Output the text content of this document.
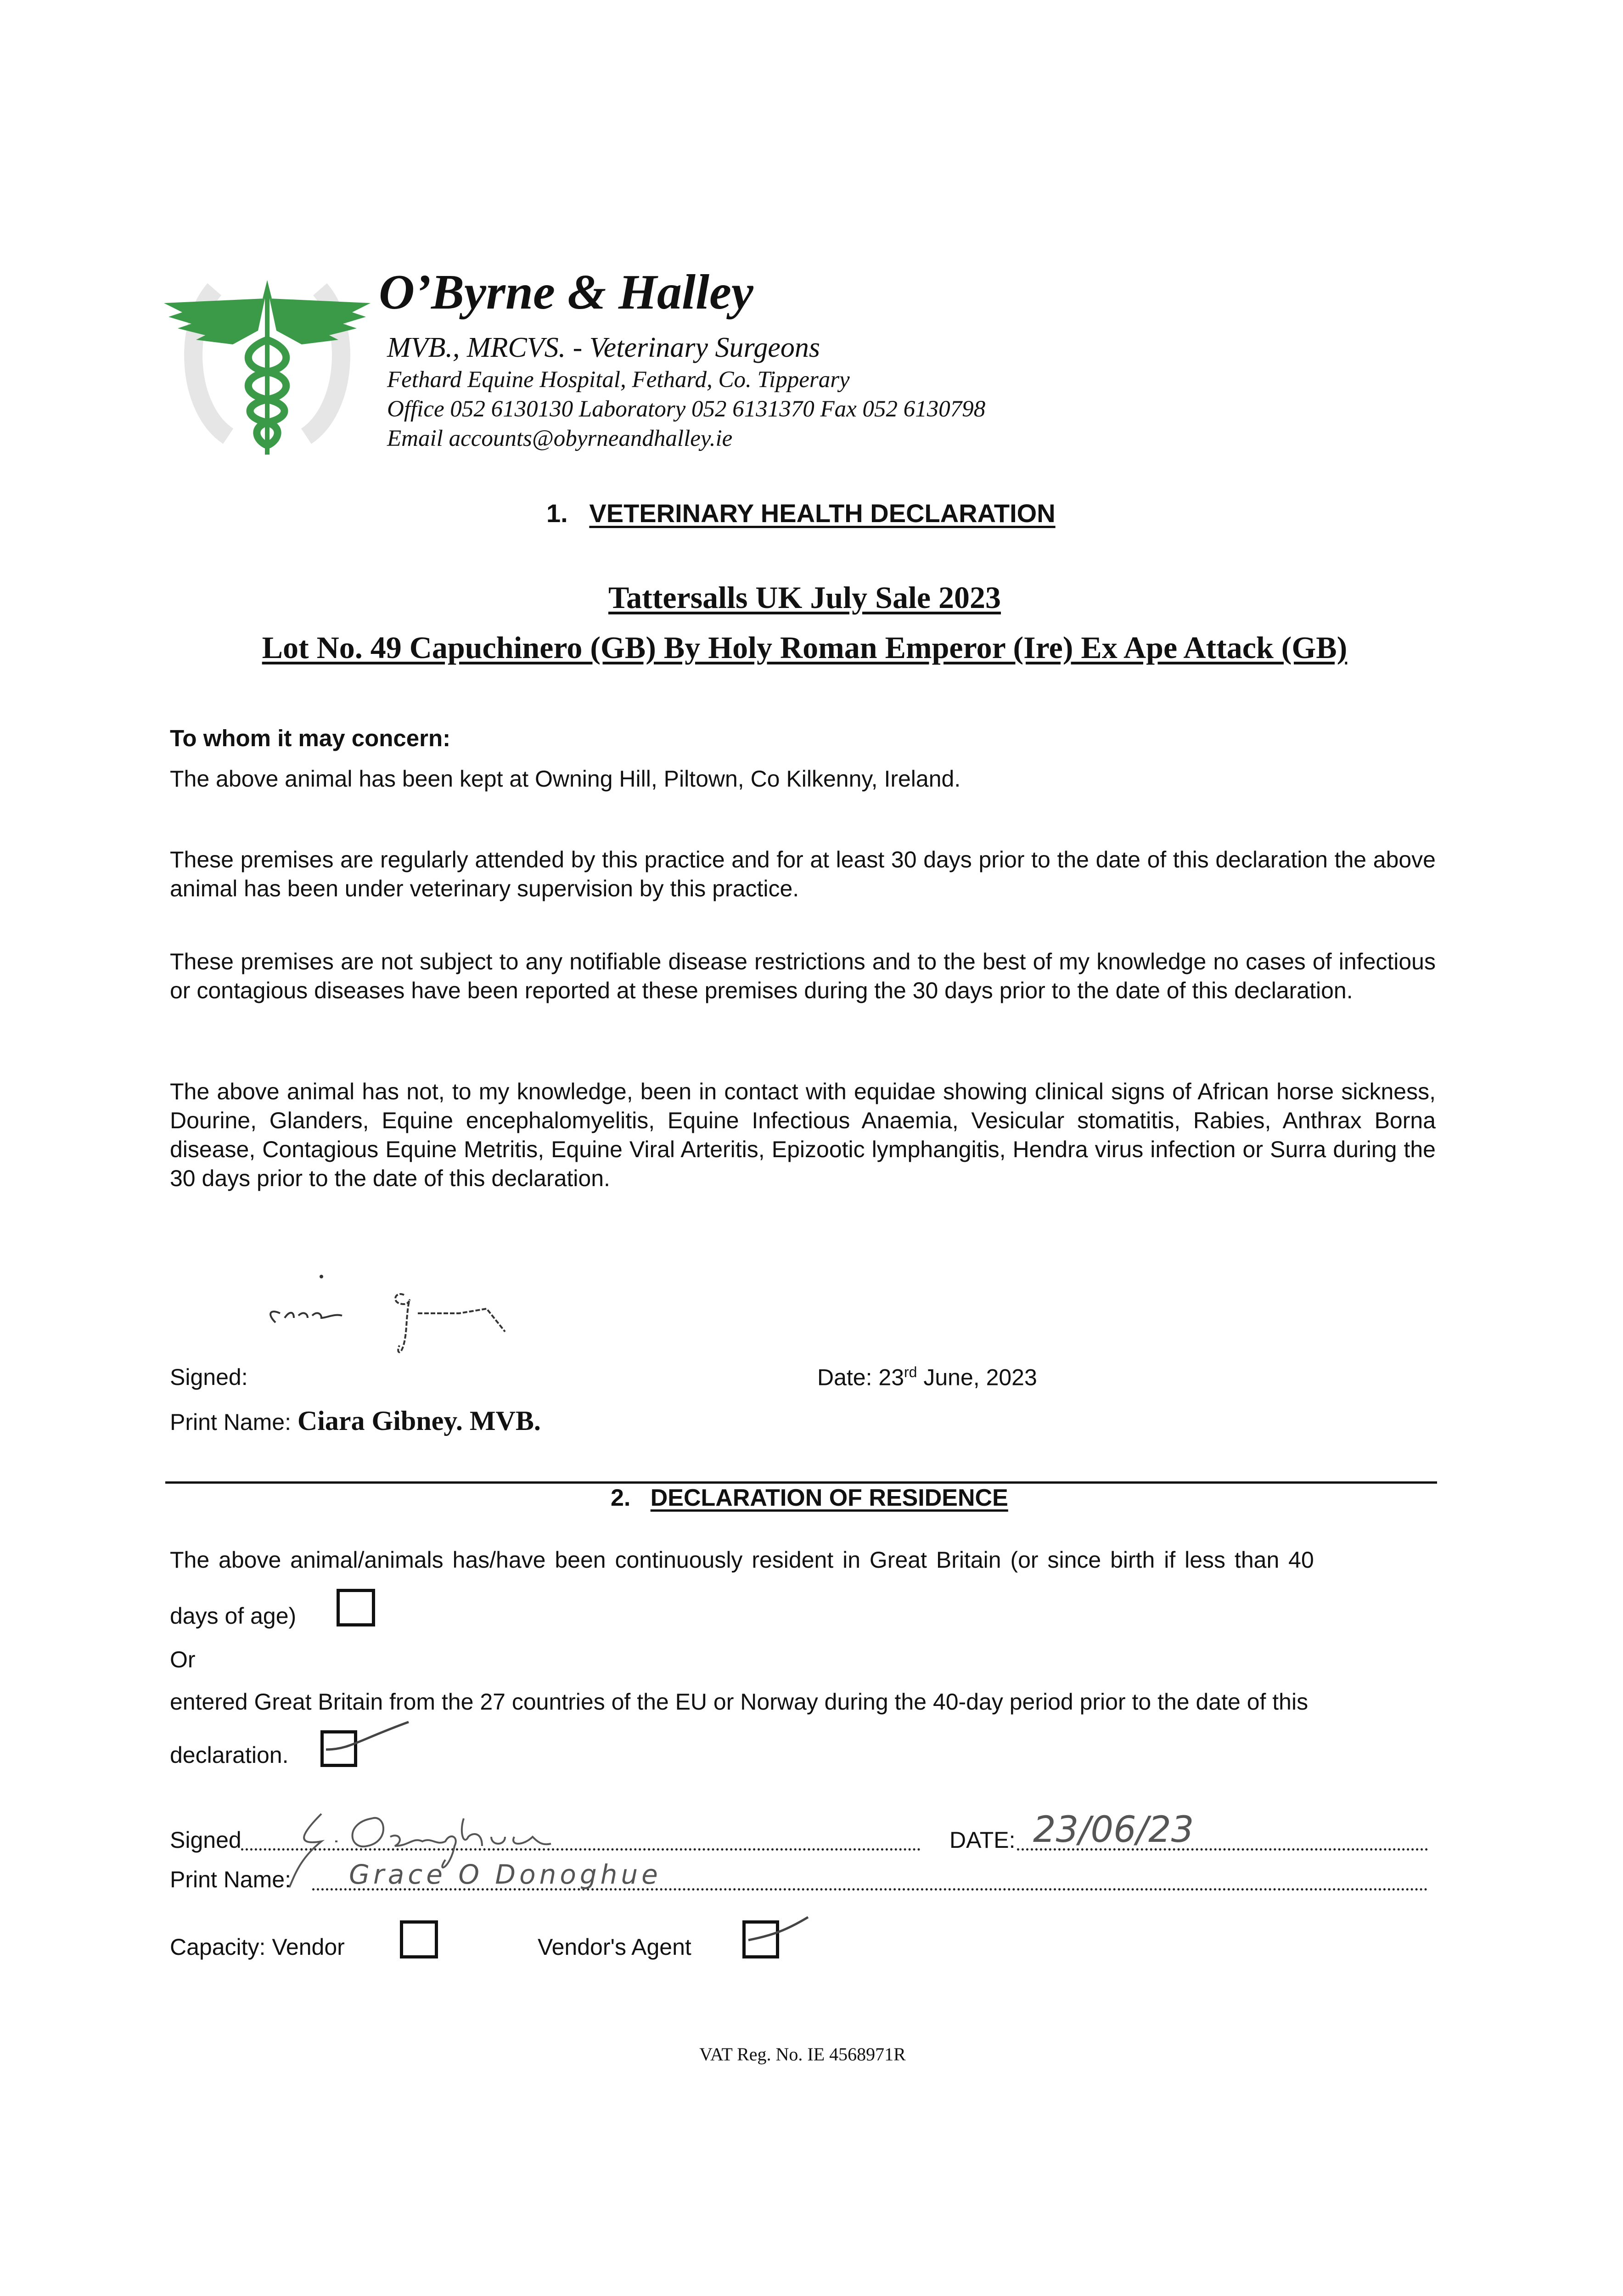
O’Byrne & Halley
MVB., MRCVS. - Veterinary Surgeons
Fethard Equine Hospital, Fethard, Co. Tipperary
Office 052 6130130 Laboratory 052 6131370 Fax 052 6130798
Email accounts@obyrneandhalley.ie
1. VETERINARY HEALTH DECLARATION
Tattersalls UK July Sale 2023
Lot No. 49 Capuchinero (GB) By Holy Roman Emperor (Ire) Ex Ape Attack (GB)
To whom it may concern:
The above animal has been kept at Owning Hill, Piltown, Co Kilkenny, Ireland.
These premises are regularly attended by this practice and for at least 30 days prior to the date of this declaration the above animal has been under veterinary supervision by this practice.
These premises are not subject to any notifiable disease restrictions and to the best of my knowledge no cases of infectious or contagious diseases have been reported at these premises during the 30 days prior to the date of this declaration.
The above animal has not, to my knowledge, been in contact with equidae showing clinical signs of African horse sickness, Dourine, Glanders, Equine encephalomyelitis, Equine Infectious Anaemia, Vesicular stomatitis, Rabies, Anthrax Borna disease, Contagious Equine Metritis, Equine Viral Arteritis, Epizootic lymphangitis, Hendra virus infection or Surra during the 30 days prior to the date of this declaration.
Signed:	Date: 23rd June, 2023
Print Name: Ciara Gibney. MVB.
2. DECLARATION OF RESIDENCE
The above animal/animals has/have been continuously resident in Great Britain (or since birth if less than 40
days of age)
Or
entered Great Britain from the 27 countries of the EU or Norway during the 40-day period prior to the date of this
declaration.
Signed	DATE: 23/06/23
Print Name: Grace O Donoghue
Capacity: Vendor	Vendor's Agent
VAT Reg. No. IE 4568971R
